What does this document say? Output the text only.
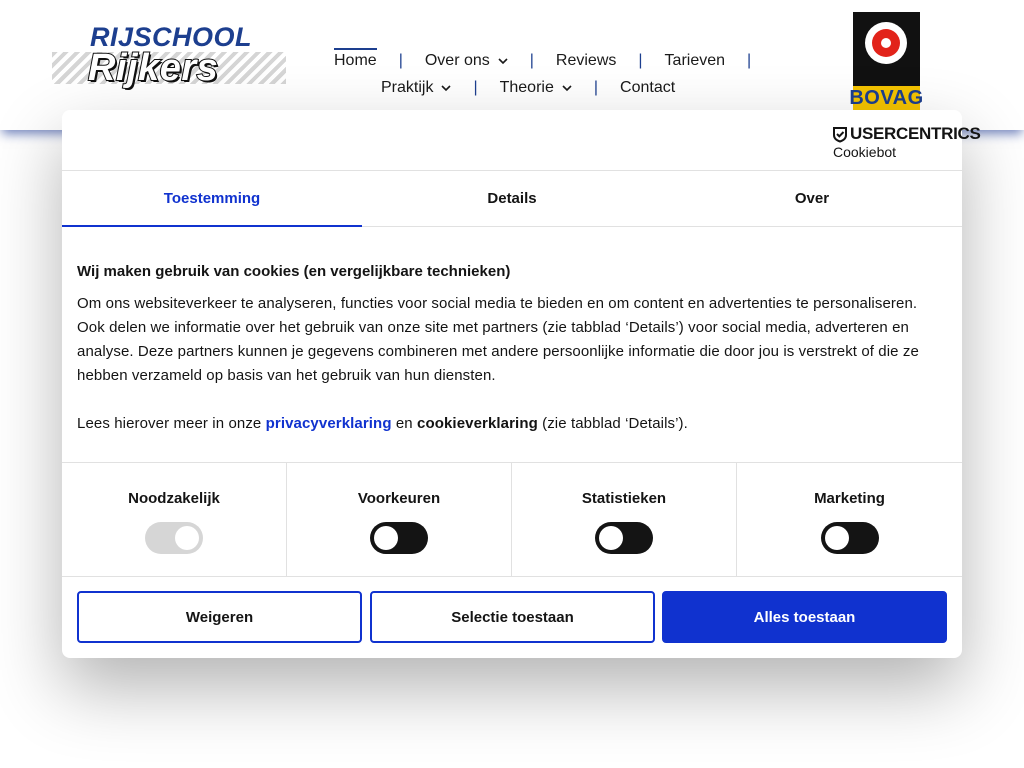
RIJSCHOOL
Rijkers	Home | Over ons	| Reviews | Tarieven |
Praktijk	| Theorie	| Contact	BOVAG
USERCENTRICS
Cookiebot
Toestemming	Details	Over

Wij maken gebruik van cookies (en vergelijkbare technieken)

Om ons websiteverkeer te analyseren, functies voor social media te bieden en om content en advertenties te personaliseren. Ook delen we informatie over het gebruik van onze site met partners (zie tabblad ‘Details’) voor social media, adverteren en analyse. Deze partners kunnen je gegevens combineren met andere persoonlijke informatie die door jou is verstrekt of die ze hebben verzameld op basis van het gebruik van hun diensten.

Lees hierover meer in onze privacyverklaring en cookieverklaring (zie tabblad ‘Details’).

Noodzakelijk	Voorkeuren	Statistieken	Marketing
Weigeren	Selectie toestaan	Alles toestaan
